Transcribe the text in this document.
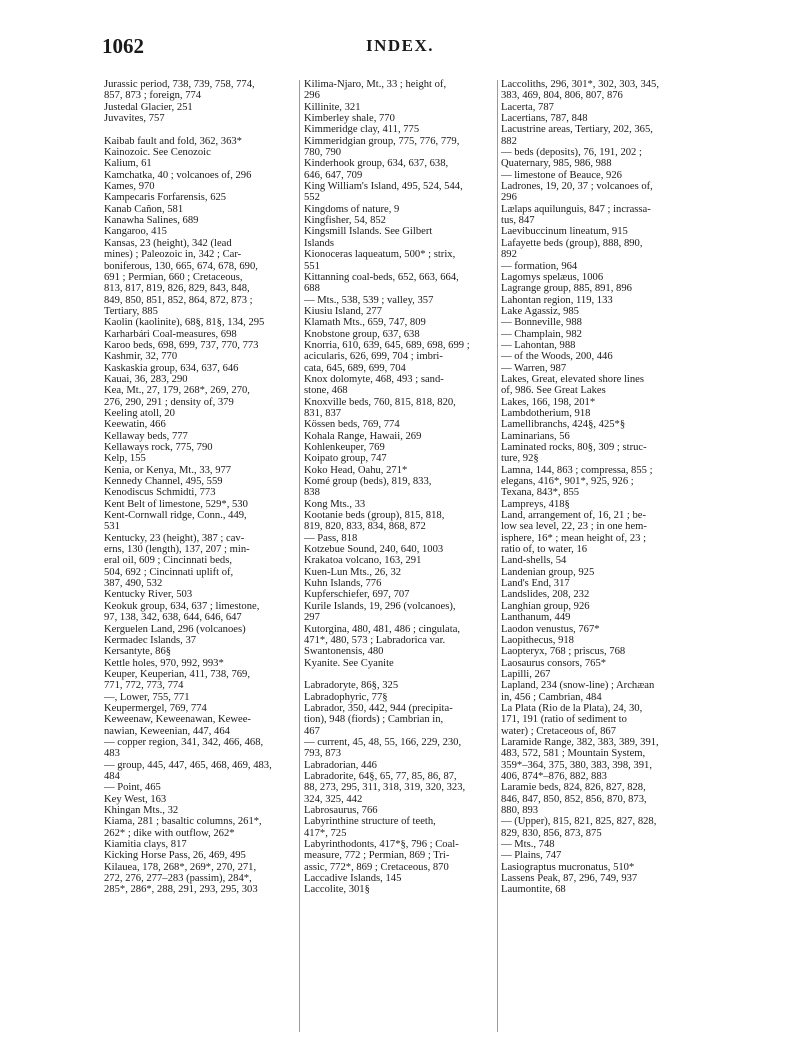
1062	INDEX.
Jurassic period, 738, 739, 758, 774,
857, 873 ; foreign, 774
Justedal Glacier, 251
Juvavites, 757
Kaibab fault and fold, 362, 363*
Kainozoic. See Cenozoic
Kalium, 61
Kamchatka, 40 ; volcanoes of, 296
Kames, 970
Kampecaris Forfarensis, 625
Kanab Cañon, 581
Kanawha Salines, 689
Kangaroo, 415
Kansas, 23 (height), 342 (lead
mines) ; Paleozoic in, 342 ; Car-
boniferous, 130, 665, 674, 678, 690,
691 ; Permian, 660 ; Cretaceous,
813, 817, 819, 826, 829, 843, 848,
849, 850, 851, 852, 864, 872, 873 ;
Tertiary, 885
Kaolin (kaolinite), 68§, 81§, 134, 295
Karharbári Coal-measures, 698
Karoo beds, 698, 699, 737, 770, 773
Kashmir, 32, 770
Kaskaskia group, 634, 637, 646
Kauai, 36, 283, 290
Kea, Mt., 27, 179, 268*, 269, 270,
276, 290, 291 ; density of, 379
Keeling atoll, 20
Keewatin, 466
Kellaway beds, 777
Kellaways rock, 775, 790
Kelp, 155
Kenia, or Kenya, Mt., 33, 977
Kennedy Channel, 495, 559
Kenodiscus Schmidti, 773
Kent Belt of limestone, 529*, 530
Kent-Cornwall ridge, Conn., 449,
531
Kentucky, 23 (height), 387 ; cav-
erns, 130 (length), 137, 207 ; min-
eral oil, 609 ; Cincinnati beds,
504, 692 ; Cincinnati uplift of,
387, 490, 532
Kentucky River, 503
Keokuk group, 634, 637 ; limestone,
97, 138, 342, 638, 644, 646, 647
Kerguelen Land, 296 (volcanoes)
Kermadec Islands, 37
Kersantyte, 86§
Kettle holes, 970, 992, 993*
Keuper, Keuperian, 411, 738, 769,
771, 772, 773, 774
—, Lower, 755, 771
Keupermergel, 769, 774
Keweenaw, Keweenawan, Kewee-
nawian, Keweenian, 447, 464
— copper region, 341, 342, 466, 468,
483
— group, 445, 447, 465, 468, 469, 483,
484
— Point, 465
Key West, 163
Khingan Mts., 32
Kiama, 281 ; basaltic columns, 261*,
262* ; dike with outflow, 262*
Kiamitia clays, 817
Kicking Horse Pass, 26, 469, 495
Kilauea, 178, 268*, 269*, 270, 271,
272, 276, 277–283 (passim), 284*,
285*, 286*, 288, 291, 293, 295, 303
Kilima-Njaro, Mt., 33 ; height of,
296
Killinite, 321
Kimberley shale, 770
Kimmeridge clay, 411, 775
Kimmeridgian group, 775, 776, 779,
780, 790
Kinderhook group, 634, 637, 638,
646, 647, 709
King William's Island, 495, 524, 544,
552
Kingdoms of nature, 9
Kingfisher, 54, 852
Kingsmill Islands. See Gilbert
Islands
Kionoceras laqueatum, 500* ; strix,
551
Kittanning coal-beds, 652, 663, 664,
688
— Mts., 538, 539 ; valley, 357
Kiusiu Island, 277
Klamath Mts., 659, 747, 809
Knobstone group, 637, 638
Knorria, 610, 639, 645, 689, 698, 699 ;
acicularis, 626, 699, 704 ; imbri-
cata, 645, 689, 699, 704
Knox dolomyte, 468, 493 ; sand-
stone, 468
Knoxville beds, 760, 815, 818, 820,
831, 837
Kössen beds, 769, 774
Kohala Range, Hawaii, 269
Kohlenkeuper, 769
Koipato group, 747
Koko Head, Oahu, 271*
Komé group (beds), 819, 833,
838
Kong Mts., 33
Kootanie beds (group), 815, 818,
819, 820, 833, 834, 868, 872
— Pass, 818
Kotzebue Sound, 240, 640, 1003
Krakatoa volcano, 163, 291
Kuen-Lun Mts., 26, 32
Kuhn Islands, 776
Kupferschiefer, 697, 707
Kurile Islands, 19, 296 (volcanoes),
297
Kutorgina, 480, 481, 486 ; cingulata,
471*, 480, 573 ; Labradorica var.
Swantonensis, 480
Kyanite. See Cyanite
Labradoryte, 86§, 325
Labradophyric, 77§
Labrador, 350, 442, 944 (precipita-
tion), 948 (fiords) ; Cambrian in,
467
— current, 45, 48, 55, 166, 229, 230,
793, 873
Labradorian, 446
Labradorite, 64§, 65, 77, 85, 86, 87,
88, 273, 295, 311, 318, 319, 320, 323,
324, 325, 442
Labrosaurus, 766
Labyrinthine structure of teeth,
417*, 725
Labyrinthodonts, 417*§, 796 ; Coal-
measure, 772 ; Permian, 869 ; Tri-
assic, 772*, 869 ; Cretaceous, 870
Laccadive Islands, 145
Laccolite, 301§
Laccoliths, 296, 301*, 302, 303, 345,
383, 469, 804, 806, 807, 876
Lacerta, 787
Lacertians, 787, 848
Lacustrine areas, Tertiary, 202, 365,
882
— beds (deposits), 76, 191, 202 ;
Quaternary, 985, 986, 988
— limestone of Beauce, 926
Ladrones, 19, 20, 37 ; volcanoes of,
296
Lælaps aquilunguis, 847 ; incrassa-
tus, 847
Laevibuccinum lineatum, 915
Lafayette beds (group), 888, 890,
892
— formation, 964
Lagomys spelæus, 1006
Lagrange group, 885, 891, 896
Lahontan region, 119, 133
Lake Agassiz, 985
— Bonneville, 988
— Champlain, 982
— Lahontan, 988
— of the Woods, 200, 446
— Warren, 987
Lakes, Great, elevated shore lines
of, 986. See Great Lakes
Lakes, 166, 198, 201*
Lambdotherium, 918
Lamellibranchs, 424§, 425*§
Laminarians, 56
Laminated rocks, 80§, 309 ; struc-
ture, 92§
Lamna, 144, 863 ; compressa, 855 ;
elegans, 416*, 901*, 925, 926 ;
Texana, 843*, 855
Lampreys, 418§
Land, arrangement of, 16, 21 ; be-
low sea level, 22, 23 ; in one hem-
isphere, 16* ; mean height of, 23 ;
ratio of, to water, 16
Land-shells, 54
Landenian group, 925
Land's End, 317
Landslides, 208, 232
Langhian group, 926
Lanthanum, 449
Laodon venustus, 767*
Laopithecus, 918
Laopteryx, 768 ; priscus, 768
Laosaurus consors, 765*
Lapilli, 267
Lapland, 234 (snow-line) ; Archæan
in, 456 ; Cambrian, 484
La Plata (Rio de la Plata), 24, 30,
171, 191 (ratio of sediment to
water) ; Cretaceous of, 867
Laramide Range, 382, 383, 389, 391,
483, 572, 581 ; Mountain System,
359*–364, 375, 380, 383, 398, 391,
406, 874*–876, 882, 883
Laramie beds, 824, 826, 827, 828,
846, 847, 850, 852, 856, 870, 873,
880, 893
— (Upper), 815, 821, 825, 827, 828,
829, 830, 856, 873, 875
— Mts., 748
— Plains, 747
Lasiograptus mucronatus, 510*
Lassens Peak, 87, 296, 749, 937
Laumontite, 68
